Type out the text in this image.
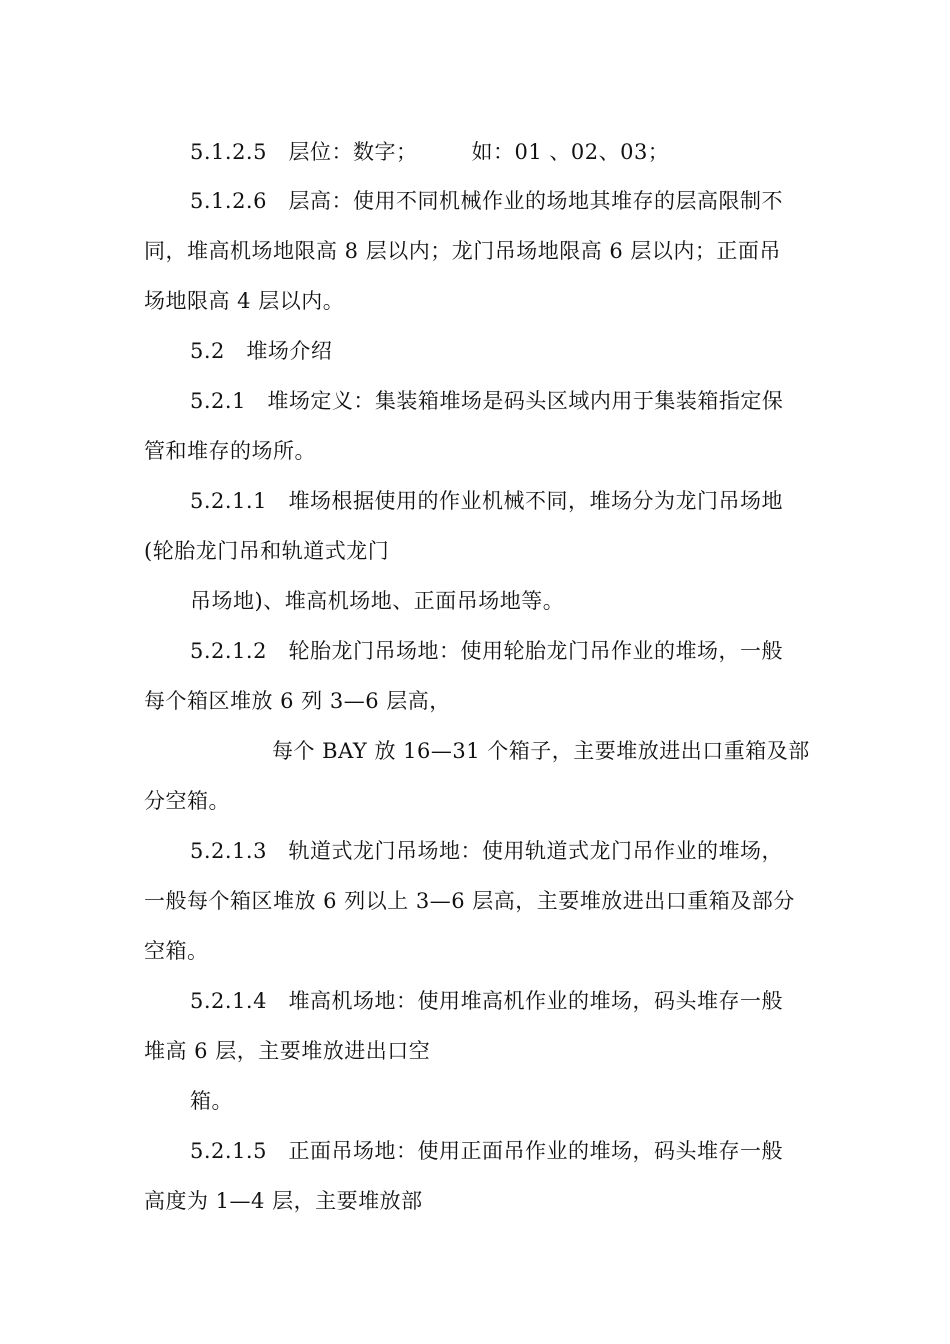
5.1.2.5　层位：数字；　　　如：01 、02、03；
5.1.2.6　层高：使用不同机械作业的场地其堆存的层高限制不
同，堆高机场地限高 8 层以内；龙门吊场地限高 6 层以内；正面吊
场地限高 4 层以内。
5.2　堆场介绍
5.2.1　堆场定义：集装箱堆场是码头区域内用于集装箱指定保
管和堆存的场所。
5.2.1.1　堆场根据使用的作业机械不同，堆场分为龙门吊场地
(轮胎龙门吊和轨道式龙门
吊场地)、堆高机场地、正面吊场地等。
5.2.1.2　轮胎龙门吊场地：使用轮胎龙门吊作业的堆场，一般
每个箱区堆放 6 列 3—6 层高，
每个 BAY 放 16—31 个箱子，主要堆放进出口重箱及部
分空箱。
5.2.1.3　轨道式龙门吊场地：使用轨道式龙门吊作业的堆场，
一般每个箱区堆放 6 列以上 3—6 层高，主要堆放进出口重箱及部分
空箱。
5.2.1.4　堆高机场地：使用堆高机作业的堆场，码头堆存一般
堆高 6 层，主要堆放进出口空
箱。
5.2.1.5　正面吊场地：使用正面吊作业的堆场，码头堆存一般
高度为 1—4 层，主要堆放部
